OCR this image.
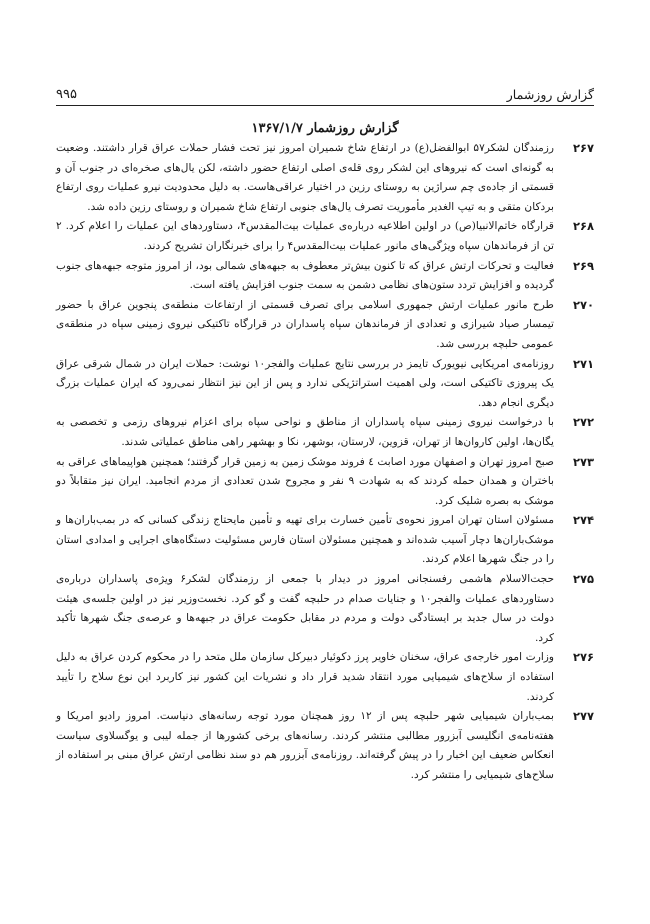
گزارش روزشمار
۹۹۵
گزارش روزشمار ۱۳۶۷/۱/۷

۲۶۷
رزمندگان لشکر۵۷ ابوالفضل(ع) در ارتفاع شاخ شمیران امروز نیز تحت فشار حملات عراق قرار داشتند. وضعیت به گونه‌ای است که نیروهای این لشکر روی قله‌ی اصلی ارتفاع حضور داشته، لکن یال‌های صخره‌ای در جنوب آن و قسمتی از جاده‌ی چم سراژین به روستای رزین در اختیار عراقی‌هاست. به دلیل محدودیت نیرو عملیات روی ارتفاع بردکان متقی و به تیپ الغدیر مأموریت تصرف یال‌های جنوبی ارتفاع شاخ شمیران و روستای رزین داده شد.

۲۶۸
قرارگاه خاتم‌الانبیا(ص) در اولین اطلاعیه درباره‌ی عملیات بیت‌المقدس۴، دستاوردهای این عملیات را اعلام کرد. ۲ تن از فرماندهان سپاه ویژگی‌های مانور عملیات بیت‌المقدس۴ را برای خبرنگاران تشریح کردند.

۲۶۹
فعالیت و تحرکات ارتش عراق که تا کنون بیش‌تر معطوف به جبهه‌های شمالی بود، از امروز متوجه جبهه‌های جنوب گردیده و افزایش تردد ستون‌های نظامی دشمن به سمت جنوب افزایش یافته است.

۲۷۰
طرح مانور عملیات ارتش جمهوری اسلامی برای تصرف قسمتی از ارتفاعات منطقه‌ی پنجوین عراق با حضور تیمسار صیاد شیرازی و تعدادی از فرماندهان سپاه پاسداران در قرارگاه تاکتیکی نیروی زمینی سپاه در منطقه‌ی عمومی حلبچه بررسی شد.

۲۷۱
روزنامه‌ی امریکایی نیویورک تایمز در بررسی نتایج عملیات والفجر۱۰ نوشت: حملات ایران در شمال شرقی عراق یک پیروزی تاکتیکی است، ولی اهمیت استراتژیکی ندارد و پس از این نیز انتظار نمی‌رود که ایران عملیات بزرگ دیگری انجام دهد.

۲۷۲
با درخواست نیروی زمینی سپاه پاسداران از مناطق و نواحی سپاه برای اعزام نیروهای رزمی و تخصصی به یگان‌ها، اولین کاروان‌ها از تهران، قزوین، لارستان، بوشهر، نکا و بهشهر راهی مناطق عملیاتی شدند.

۲۷۳
صبح امروز تهران و اصفهان مورد اصابت ٤ فروند موشک زمین به زمین قرار گرفتند؛ همچنین هواپیماهای عراقی به باختران و همدان حمله کردند که به شهادت ۹ نفر و مجروح شدن تعدادی از مردم انجامید. ایران نیز متقابلاً دو موشک به بصره شلیک کرد.

۲۷۴
مسئولان استان تهران امروز نحوه‌ی تأمین خسارت برای تهیه و تأمین مایحتاج زندگی کسانی که در بمب‌باران‌ها و موشک‌باران‌ها دچار آسیب شده‌اند و همچنین مسئولان استان فارس مسئولیت دستگاه‌های اجرایی و امدادی استان را در جنگ شهرها اعلام کردند.

۲۷۵
حجت‌الاسلام هاشمی رفسنجانی امروز در دیدار با جمعی از رزمندگان لشکر۶ ویژه‌ی پاسداران درباره‌ی دستاوردهای عملیات والفجر۱۰ و جنایات صدام در حلبچه گفت و گو کرد. نخست‌وزیر نیز در اولین جلسه‌ی هیئت دولت در سال جدید بر ایستادگی دولت و مردم در مقابل حکومت عراق در جبهه‌ها و عرصه‌ی جنگ شهرها تأکید کرد.

۲۷۶
وزارت امور خارجه‌ی عراق، سخنان خاویر پرز دکوئیار دبیرکل سازمان ملل متحد را در محکوم کردن عراق به دلیل استفاده از سلاح‌های شیمیایی مورد انتقاد شدید قرار داد و نشریات این کشور نیز کاربرد این نوع سلاح را تأیید کردند.

۲۷۷
بمب‌باران شیمیایی شهر حلبچه پس از ۱۲ روز همچنان مورد توجه رسانه‌های دنیاست. امروز رادیو امریکا و هفته‌نامه‌ی انگلیسی آبزرور مطالبی منتشر کردند. رسانه‌های برخی کشورها از جمله لیبی و یوگسلاوی سیاست انعکاس ضعیف این اخبار را در پیش گرفته‌اند. روزنامه‌ی آبزرور هم دو سند نظامی ارتش عراق مبنی بر استفاده از سلاح‌های شیمیایی را منتشر کرد.
